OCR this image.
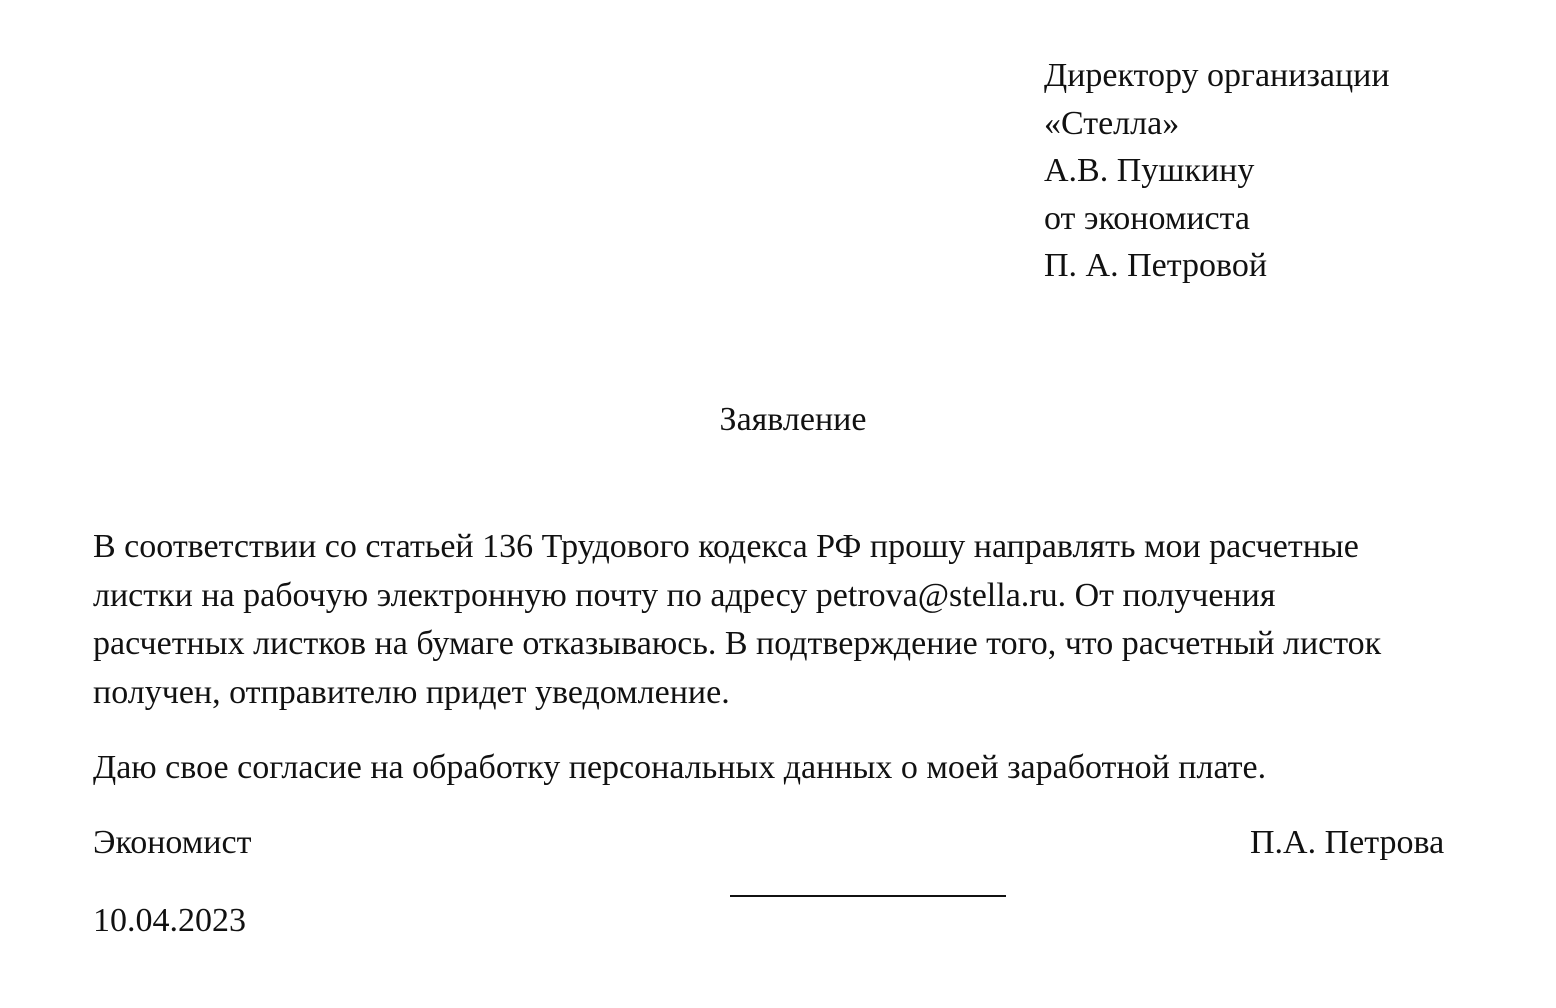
Директору организации
«Стелла»
А.В. Пушкину
от экономиста
П. А. Петровой
Заявление
В соответствии со статьей 136 Трудового кодекса РФ прошу направлять мои расчетные
листки на рабочую электронную почту по адресу petrova@stella.ru. От получения
расчетных листков на бумаге отказываюсь. В подтверждение того, что расчетный листок
получен, отправителю придет уведомление.
Даю свое согласие на обработку персональных данных о моей заработной плате.
Экономист	П.А. Петрова
10.04.2023
